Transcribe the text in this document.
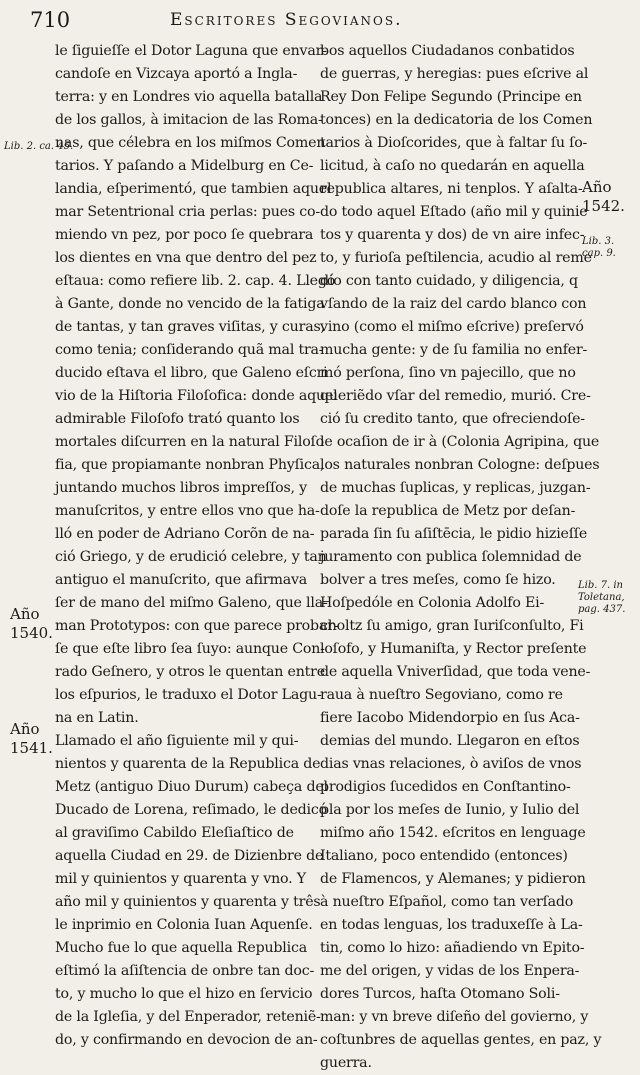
710	Escritores Segovianos.
le ſiguieſſe el Dotor Laguna que envar-
candoſe en Vizcaya aportó a Ingla-
terra: y en Londres vio aquella batalla
de los gallos, à imitacion de las Roma-
nas, que célebra en los miſmos Comen
tarios. Y paſando a Midelburg en Ce-
landia, eſperimentó, que tambien aquel
mar Setentrional cria perlas: pues co-
miendo vn pez, por poco ſe quebrara
los dientes en vna que dentro del pez
eſtaua: como refiere lib. 2. cap. 4. Llegó
à Gante, donde no vencido de la fatiga
de tantas, y tan graves viſitas, y curas,
como tenia; conſiderando quã mal tra-
ducido eſtava el libro, que Galeno eſcri
vio de la Hiſtoria Filoſofica: donde aquel
admirable Filoſofo trató quanto los
mortales diſcurren en la natural Filoſo
fia, que propiamante nonbran Phyſica,
juntando muchos libros impreſſos, y
manuſcritos, y entre ellos vno que ha-
lló en poder de Adriano Corõn de na-
ció Griego, y de erudició celebre, y tan
antiguo el manuſcrito, que afirmava
ſer de mano del miſmo Galeno, que lla-
man Prototypos: con que parece probar-
ſe que eſte libro ſea ſuyo: aunque Con-
rado Geſnero, y otros le quentan entre
los eſpurios, le traduxo el Dotor Lagu-
na en Latin.
Llamado el año ſiguiente mil y qui-
nientos y quarenta de la Republica de
Metz (antiguo Diuo Durum) cabeça del
Ducado de Lorena, reſimado, le dedicó
al graviſimo Cabildo Eleſiaſtico de
aquella Ciudad en 29. de Dizienbre de
mil y quinientos y quarenta y vno. Y
año mil y quinientos y quarenta y três
le inprimio en Colonia Iuan Aquenſe.
Mucho fue lo que aquella Republica
eſtimó la aſiſtencia de onbre tan doc-
to, y mucho lo que el hizo en ſervicio
de la Igleſia, y del Enperador, reteniẽ-
do, y confirmando en devocion de an-
bos aquellos Ciudadanos conbatidos
de guerras, y heregias: pues eſcrive al
Rey Don Felipe Segundo (Principe en
tonces) en la dedicatoria de los Comen
tarios à Dioſcorides, que à faltar ſu ſo-
licitud, à caſo no quedarán en aquella
republica altares, ni tenplos. Y aſalta-
do todo aquel Eſtado (año mil y quinie
tos y quarenta y dos) de vn aire infec-
to, y furioſa peſtilencia, acudio al reme
dio con tanto cuidado, y diligencia, q
vſando de la raiz del cardo blanco con
vino (como el miſmo eſcrive) preſervó
mucha gente: y de ſu familia no enfer-
mó perſona, ſino vn pajecillo, que no
queriẽdo vſar del remedio, murió. Cre-
ció ſu credito tanto, que ofreciendoſe-
le ocaſion de ir à (Colonia Agripina, que
los naturales nonbran Cologne: deſpues
de muchas ſuplicas, y replicas, juzgan-
doſe la republica de Metz por deſan-
parada ſin ſu aſiſtēcia, le pidio hizieſſe
juramento con publica ſolemnidad de
bolver a tres meſes, como ſe hizo.
Hoſpedóle en Colonia Adolfo Ei-
choltz ſu amigo, gran Iuriſconſulto, Fi
loſofo, y Humaniſta, y Rector preſente
de aquella Vniverſidad, que toda vene-
raua à nueſtro Segoviano, como re
fiere Iacobo Midendorpio en ſus Aca-
demias del mundo. Llegaron en eſtos
dias vnas relaciones, ò aviſos de vnos
prodigios ſucedidos en Conſtantino-
pla por los meſes de Iunio, y Iulio del
miſmo año 1542. eſcritos en lenguage
Italiano, poco entendido (entonces)
de Flamencos, y Alemanes; y pidieron
à nueſtro Eſpañol, como tan verſado
en todas lenguas, los traduxeſſe à La-
tin, como lo hizo: añadiendo vn Epito-
me del origen, y vidas de los Enpera-
dores Turcos, haſta Otomano Soli-
man: y vn breve diſeño del govierno, y
coſtunbres de aquellas gentes, en paz, y
guerra.
Lib. 2. ca. 45.
Año 1540.
Año 1541.
Año 1542.
Lib. 3. cap. 9.
Lib. 7. in Toletana, pag. 437.
